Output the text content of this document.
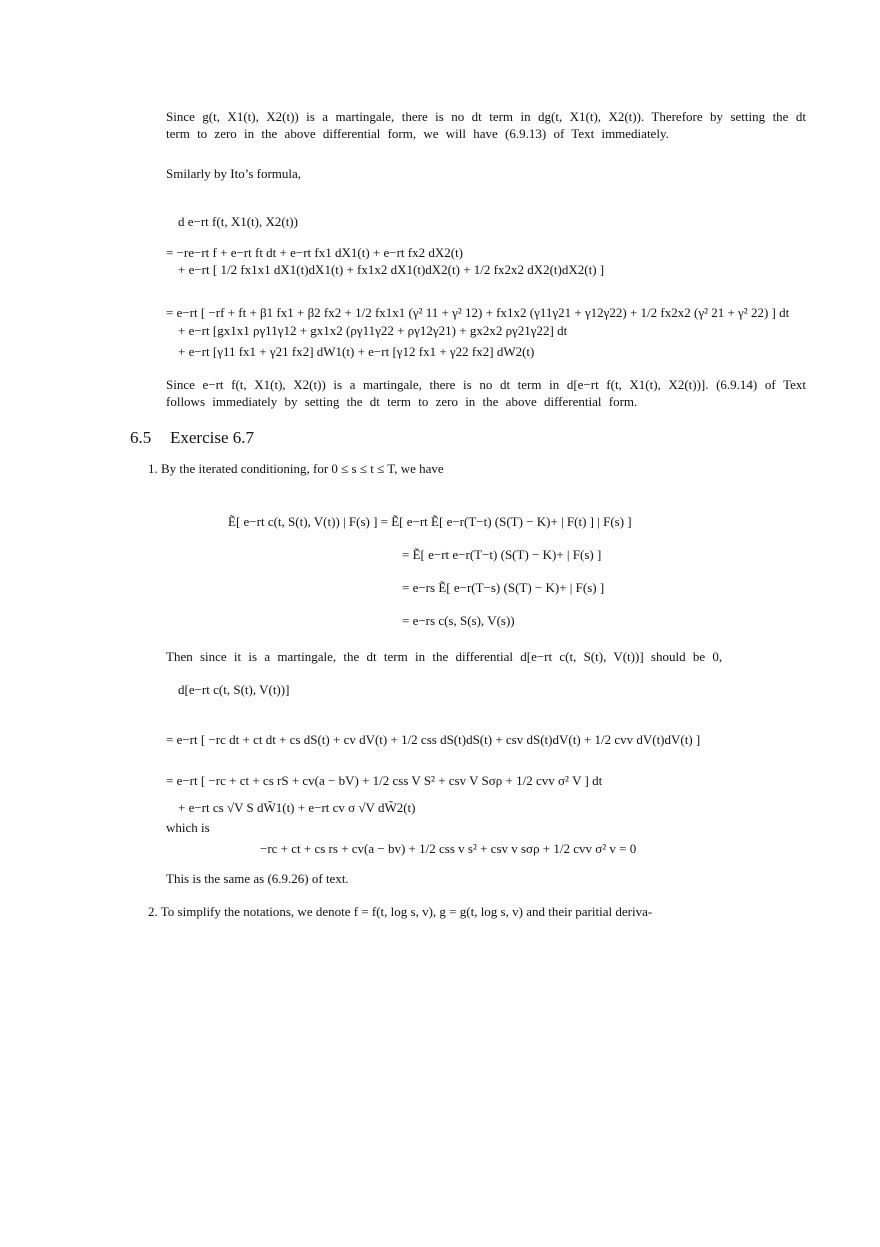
Since g(t, X1(t), X2(t)) is a martingale, there is no dt term in dg(t, X1(t), X2(t)). Therefore by setting the dt term to zero in the above differential form, we will have (6.9.13) of Text immediately.
Smilarly by Ito’s formula,
d e−rt f(t, X1(t), X2(t))
= −re−rt f + e−rt ft dt + e−rt fx1 dX1(t) + e−rt fx2 dX2(t)
+ e−rt [ 1/2 fx1x1 dX1(t)dX1(t) + fx1x2 dX1(t)dX2(t) + 1/2 fx2x2 dX2(t)dX2(t) ]
= e−rt [ −rf + ft + β1 fx1 + β2 fx2 + 1/2 fx1x1 (γ² 11 + γ² 12) + fx1x2 (γ11γ21 + γ12γ22) + 1/2 fx2x2 (γ² 21 + γ² 22) ] dt
+ e−rt [gx1x1 ργ11γ12 + gx1x2 (ργ11γ22 + ργ12γ21) + gx2x2 ργ21γ22] dt
+ e−rt [γ11 fx1 + γ21 fx2] dW1(t) + e−rt [γ12 fx1 + γ22 fx2] dW2(t)
Since e−rt f(t, X1(t), X2(t)) is a martingale, there is no dt term in d[e−rt f(t, X1(t), X2(t))]. (6.9.14) of Text follows immediately by setting the dt term to zero in the above differential form.
6.5 Exercise 6.7
1. By the iterated conditioning, for 0 ≤ s ≤ t ≤ T, we have
Ẽ[ e−rt c(t, S(t), V(t)) | F(s) ] = Ẽ[ e−rt Ẽ[ e−r(T−t) (S(T) − K)+ | F(t) ] | F(s) ]
= Ẽ[ e−rt e−r(T−t) (S(T) − K)+ | F(s) ]
= e−rs Ẽ[ e−r(T−s) (S(T) − K)+ | F(s) ]
= e−rs c(s, S(s), V(s))
Then since it is a martingale, the dt term in the differential d[e−rt c(t, S(t), V(t))] should be 0,
d[e−rt c(t, S(t), V(t))]
= e−rt [ −rc dt + ct dt + cs dS(t) + cv dV(t) + 1/2 css dS(t)dS(t) + csv dS(t)dV(t) + 1/2 cvv dV(t)dV(t) ]
= e−rt [ −rc + ct + cs rS + cv(a − bV) + 1/2 css V S² + csv V Sσρ + 1/2 cvv σ² V ] dt
+ e−rt cs √V S dW̃1(t) + e−rt cv σ √V dW̃2(t)
which is
−rc + ct + cs rs + cv(a − bv) + 1/2 css v s² + csv v sσρ + 1/2 cvv σ² v = 0
This is the same as (6.9.26) of text.
2. To simplify the notations, we denote f = f(t, log s, v), g = g(t, log s, v) and their paritial deriva-
